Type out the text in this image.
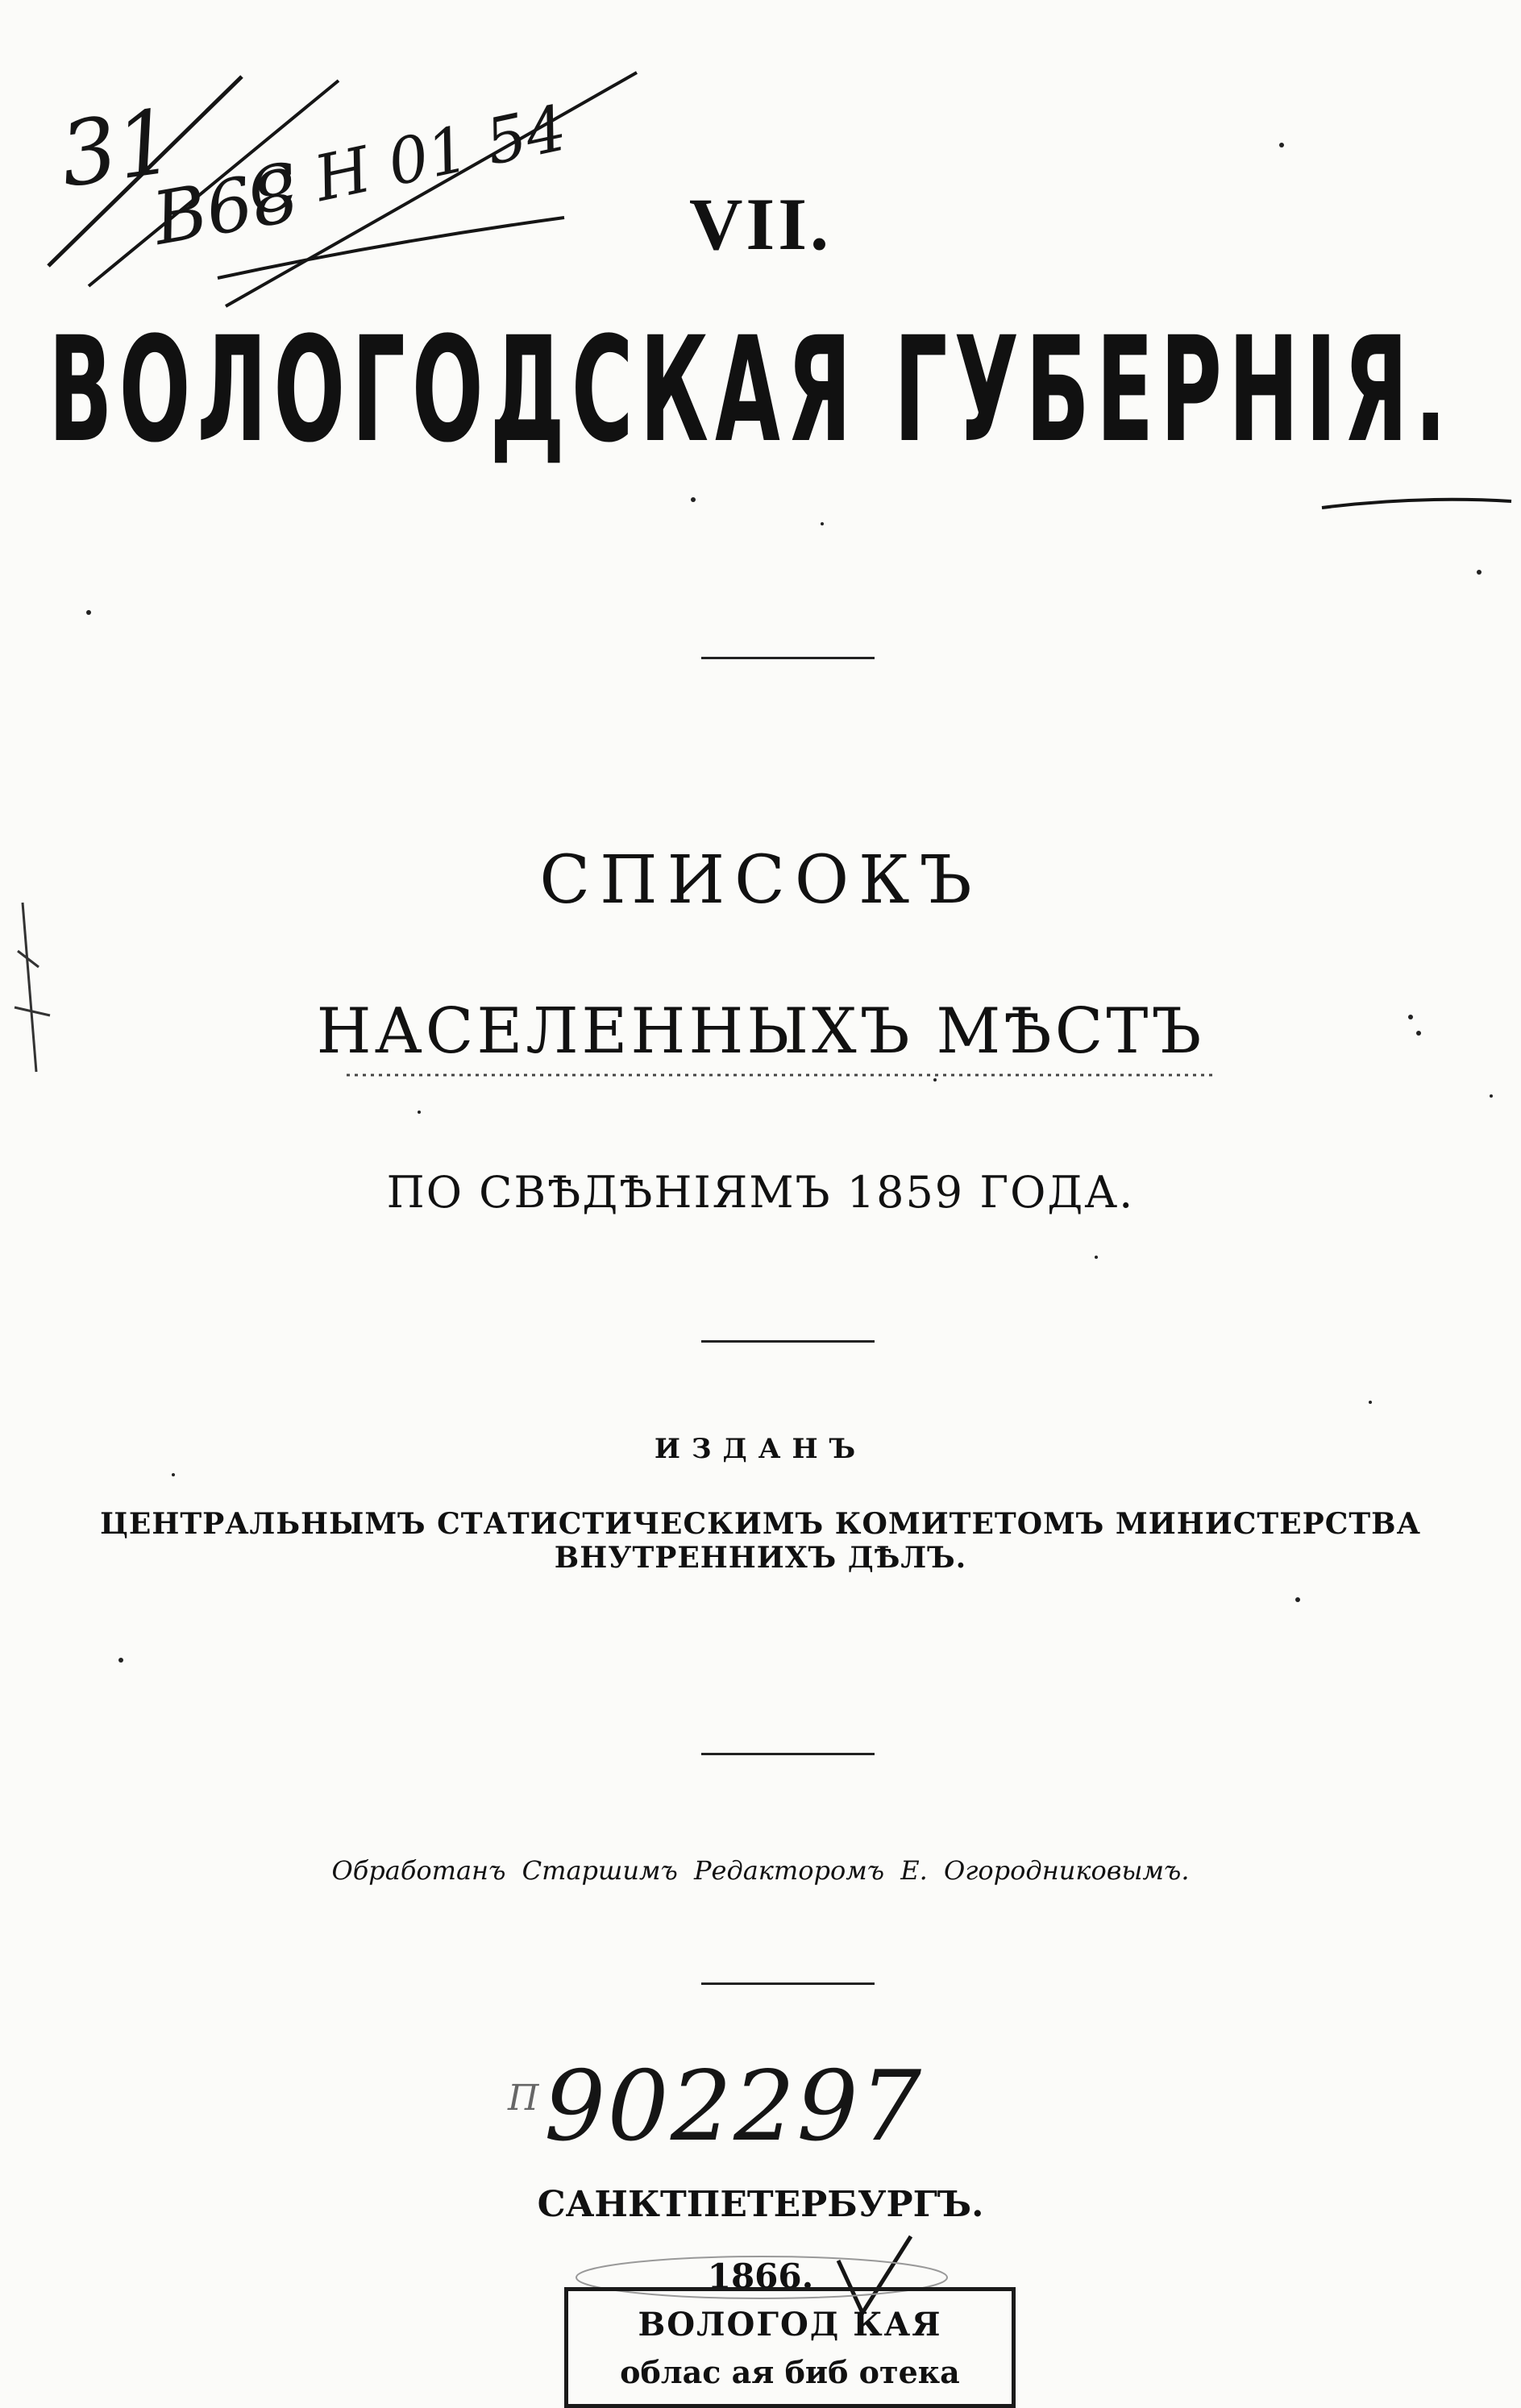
31
B68
С Н 01 54	VII.
ВОЛОГОДСКАЯ ГУБЕРНІЯ.
СПИСОКЪ
НАСЕЛЕННЫХЪ МѢСТЪ
ПО СВѢДѢНІЯМЪ 1859 ГОДА.
ИЗДАНЪ
ЦЕНТРАЛЬНЫМЪ СТАТИСТИЧЕСКИМЪ КОМИТЕТОМЪ МИНИСТЕРСТВА ВНУТРЕННИХЪ ДѢЛЪ.
Обработанъ Старшимъ Редакторомъ Е. Огородниковымъ.
П 902297
САНКТПЕТЕРБУРГЪ.
1866.
ВОЛОГОД КАЯ
облас ая биб отека
